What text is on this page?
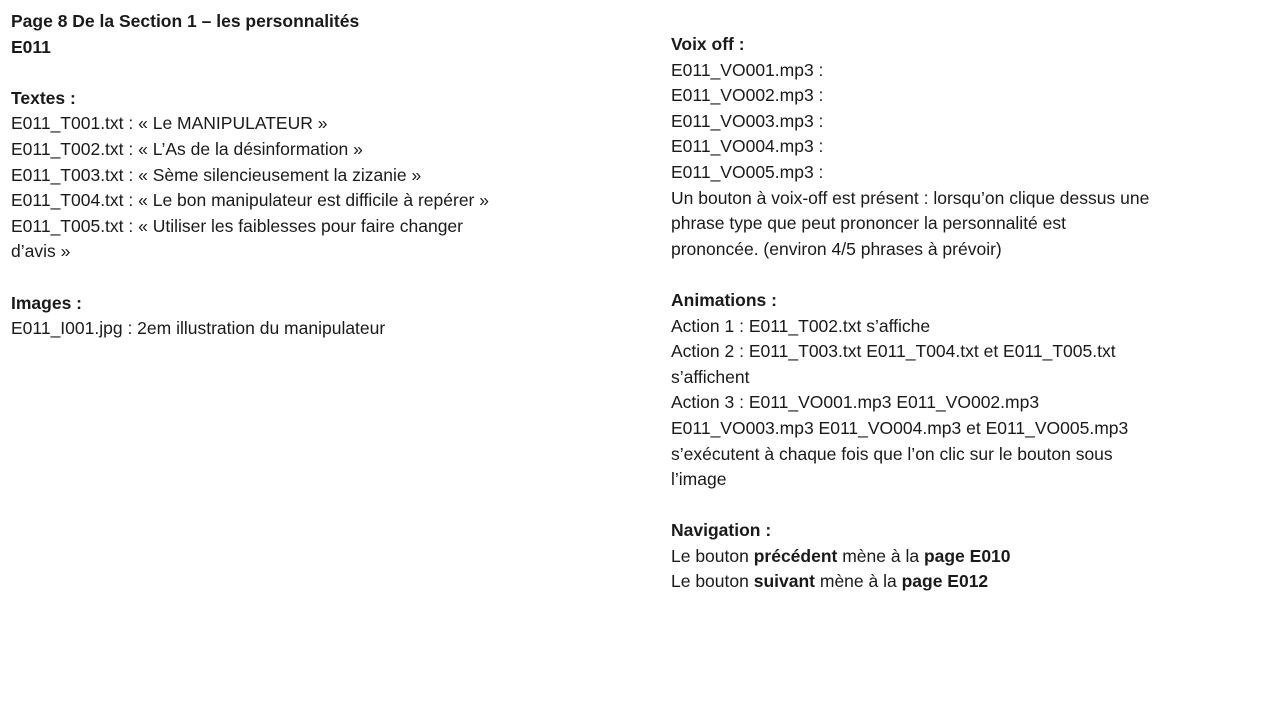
Page 8 De la Section 1 – les personnalités
E011
Textes :
E011_T001.txt : « Le MANIPULATEUR »
E011_T002.txt : « L’As de la désinformation »
E011_T003.txt : « Sème silencieusement la zizanie »
E011_T004.txt : « Le bon manipulateur est difficile à repérer »
E011_T005.txt : « Utiliser les faiblesses pour faire changer
d’avis »
Images :
E011_I001.jpg : 2em illustration du manipulateur
Voix off :
E011_VO001.mp3 :
E011_VO002.mp3 :
E011_VO003.mp3 :
E011_VO004.mp3 :
E011_VO005.mp3 :
Un bouton à voix-off est présent : lorsqu’on clique dessus une
phrase type que peut prononcer la personnalité est
prononcée. (environ 4/5 phrases à prévoir)
Animations :
Action 1 : E011_T002.txt s’affiche
Action 2 : E011_T003.txt E011_T004.txt et E011_T005.txt
s’affichent
Action 3 : E011_VO001.mp3 E011_VO002.mp3
E011_VO003.mp3 E011_VO004.mp3 et E011_VO005.mp3
s’exécutent à chaque fois que l’on clic sur le bouton sous
l’image
Navigation :
Le bouton précédent mène à la page E010
Le bouton suivant mène à la page E012
